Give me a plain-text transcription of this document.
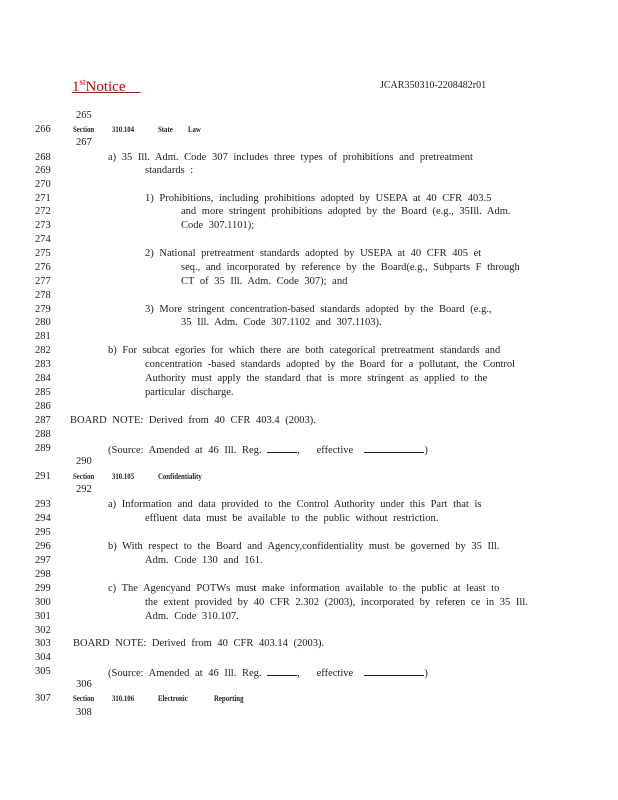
1stNotice	JCAR350310-2208482r01
265
266	Section 310.104	State Law
267
268	a) 35 Ill. Adm. Code 307 includes three types of prohibitions and pretreatment
269	standards :
270
271	1) Prohibitions, including prohibitions adopted by USEPA at 40 CFR 403.5
272	and more stringent prohibitions adopted by the Board (e.g., 35Ill. Adm.
273	Code 307.1101);
274
275	2) National pretreatment standards adopted by USEPA at 40 CFR 405 et
276	seq., and incorporated by reference by the Board(e.g., Subparts F through
277	CT of 35 Ill. Adm. Code 307); and
278
279	3) More stringent concentration-based standards adopted by the Board (e.g.,
280	35 Ill. Adm. Code 307.1102 and 307.1103).
281
282	b) For subcat egories for which there are both categorical pretreatment standards and
283	concentration -based standards adopted by the Board for a pollutant, the Control
284	Authority must apply the standard that is more stringent as applied to the
285	particular discharge.
286
287	BOARD NOTE: Derived from 40 CFR 403.4 (2003).
288
289	(Source: Amended at 46 Ill. Reg.	, effective	)
290
291	Section 310.105	Confidentiality
292
293	a) Information and data provided to the Control Authority under this Part that is
294	effluent data must be available to the public without restriction.
295
296	b) With respect to the Board and Agency,confidentiality must be governed by 35 Ill.
297	Adm. Code 130 and 161.
298
299	c) The Agencyand POTWs must make information available to the public at least to
300	the extent provided by 40 CFR 2.302 (2003), incorporated by referen ce in 35 Ill.
301	Adm. Code 310.107.
302
303	BOARD NOTE: Derived from 40 CFR 403.14 (2003).
304
305	(Source: Amended at 46 Ill. Reg.	, effective	)
306
307	Section 310.106	Electronic	Reporting
308
